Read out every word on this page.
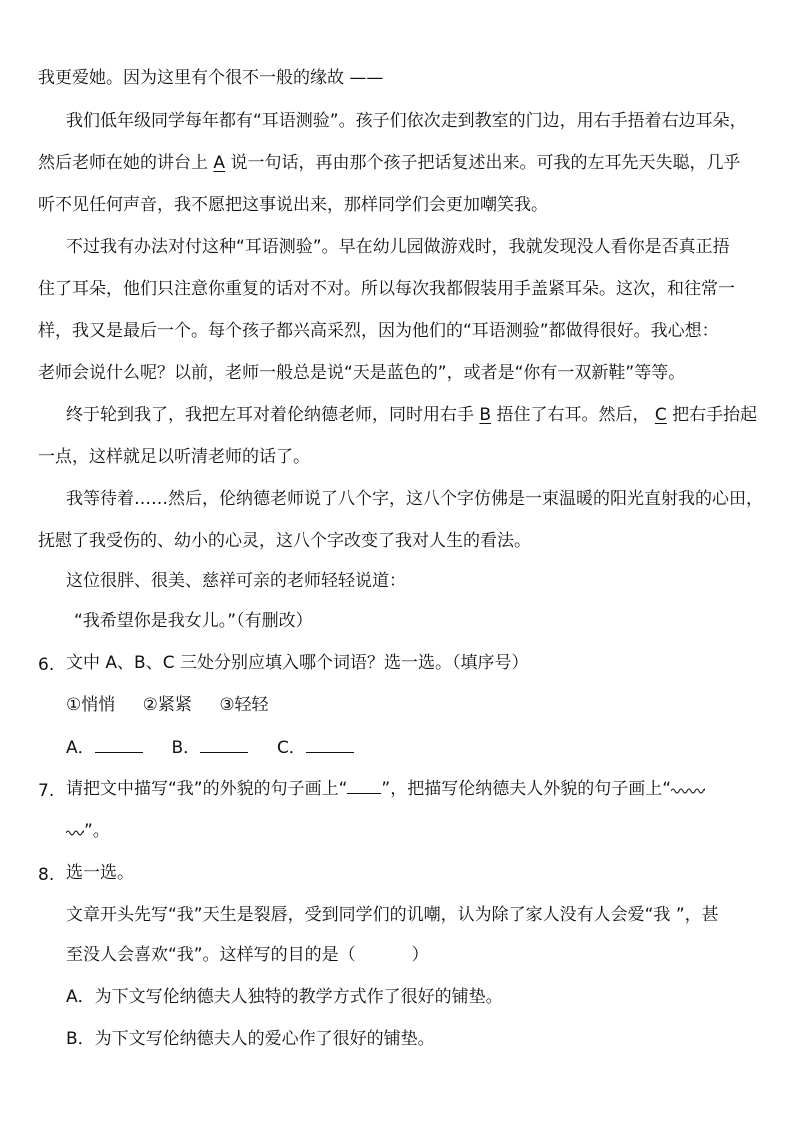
我更爱她。因为这里有个很不一般的缘故 ——
我们低年级同学每年都有“耳语测验”。孩子们依次走到教室的门边，用右手捂着右边耳朵，
然后老师在她的讲台上 A 说一句话，再由那个孩子把话复述出来。可我的左耳先天失聪，几乎
听不见任何声音，我不愿把这事说出来，那样同学们会更加嘲笑我。
不过我有办法对付这种“耳语测验”。早在幼儿园做游戏时，我就发现没人看你是否真正捂
住了耳朵，他们只注意你重复的话对不对。所以每次我都假装用手盖紧耳朵。这次，和往常一
样，我又是最后一个。每个孩子都兴高采烈，因为他们的“耳语测验”都做得很好。我心想：
老师会说什么呢？以前，老师一般总是说“天是蓝色的”，或者是“你有一双新鞋”等等。
终于轮到我了，我把左耳对着伦纳德老师，同时用右手 B 捂住了右耳。然后， C 把右手抬起
一点，这样就足以听清老师的话了。
我等待着……然后，伦纳德老师说了八个字，这八个字仿佛是一束温暖的阳光直射我的心田，
抚慰了我受伤的、幼小的心灵，这八个字改变了我对人生的看法。
这位很胖、很美、慈祥可亲的老师轻轻说道：
“我希望你是我女儿。”（有删改）
6. 文中 A、B、C 三处分别应填入哪个词语？选一选。（填序号）
①悄悄 ②紧紧 ③轻轻
A．	B．	C．
7. 请把文中描写“我”的外貌的句子画上“ ”，把描写伦纳德夫人外貌的句子画上“
”。
8. 选一选。
文章开头先写“我”天生是裂唇，受到同学们的讥嘲，认为除了家人没有人会爱“我 ”，甚
至没人会喜欢“我”。这样写的目的是（	）
A．为下文写伦纳德夫人独特的教学方式作了很好的铺垫。
B．为下文写伦纳德夫人的爱心作了很好的铺垫。
